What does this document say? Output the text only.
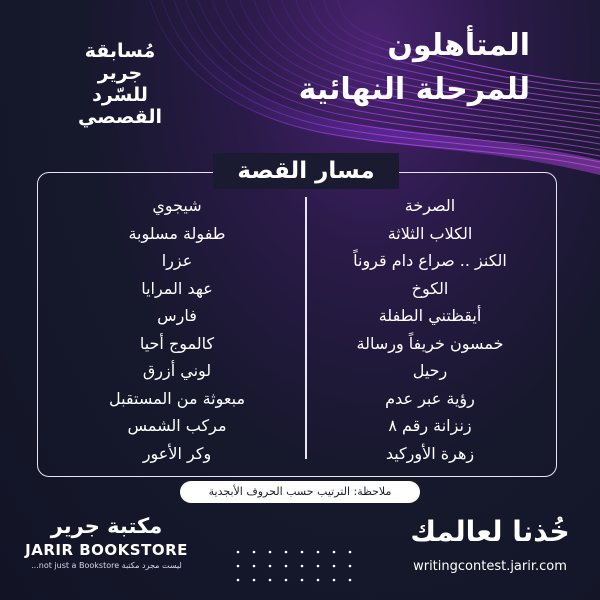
المتأهلون
للمرحلة النهائية
مُسابقة
جرير
للسّرد
القصصي
مسار القصة
الصرخة
الكلاب الثلاثة
الكنز .. صراع دام قروناً
الكوخ
أيقظتني الطفلة
خمسون خريفاً ورسالة
رحيل
رؤية عبر عدم
زنزانة رقم ٨
زهرة الأوركيد
شيجوي
طفولة مسلوبة
عزرا
عهد المرايا
فارس
كالموج أحيا
لوني أزرق
مبعوثة من المستقبل
مركب الشمس
وكر الأعور
ملاحظة: الترتيب حسب الحروف الأبجدية
مكتبة جرير
JARIR BOOKSTORE
...not just a Bookstore ليست مجرد مكتبة
خُذنا لعالمك
writingcontest.jarir.com
